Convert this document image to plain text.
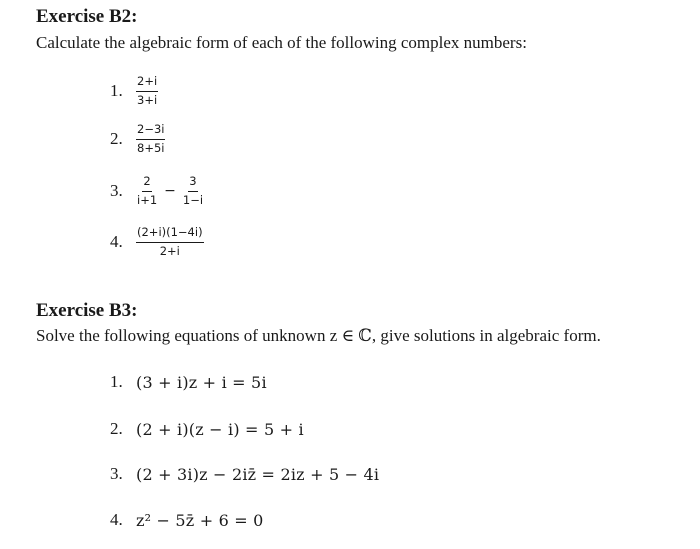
Exercise B2:
Calculate the algebraic form of each of the following complex numbers:
1.	$\frac{2+i}{3+i}$
2.	$\frac{2-3i}{8+5i}$
3.	$\frac{2}{i+1} - \frac{3}{1-i}$
4.	$\frac{(2+i)(1-4i)}{2+i}$
Exercise B3:
Solve the following equations of unknown z ∈ ℂ, give solutions in algebraic form.
1. (3 + i)z + i = 5i
2. (2 + i)(z − i) = 5 + i
3. (2 + 3i)z − 2iz̄ = 2iz + 5 − 4i
4. z² − 5z̄ + 6 = 0
